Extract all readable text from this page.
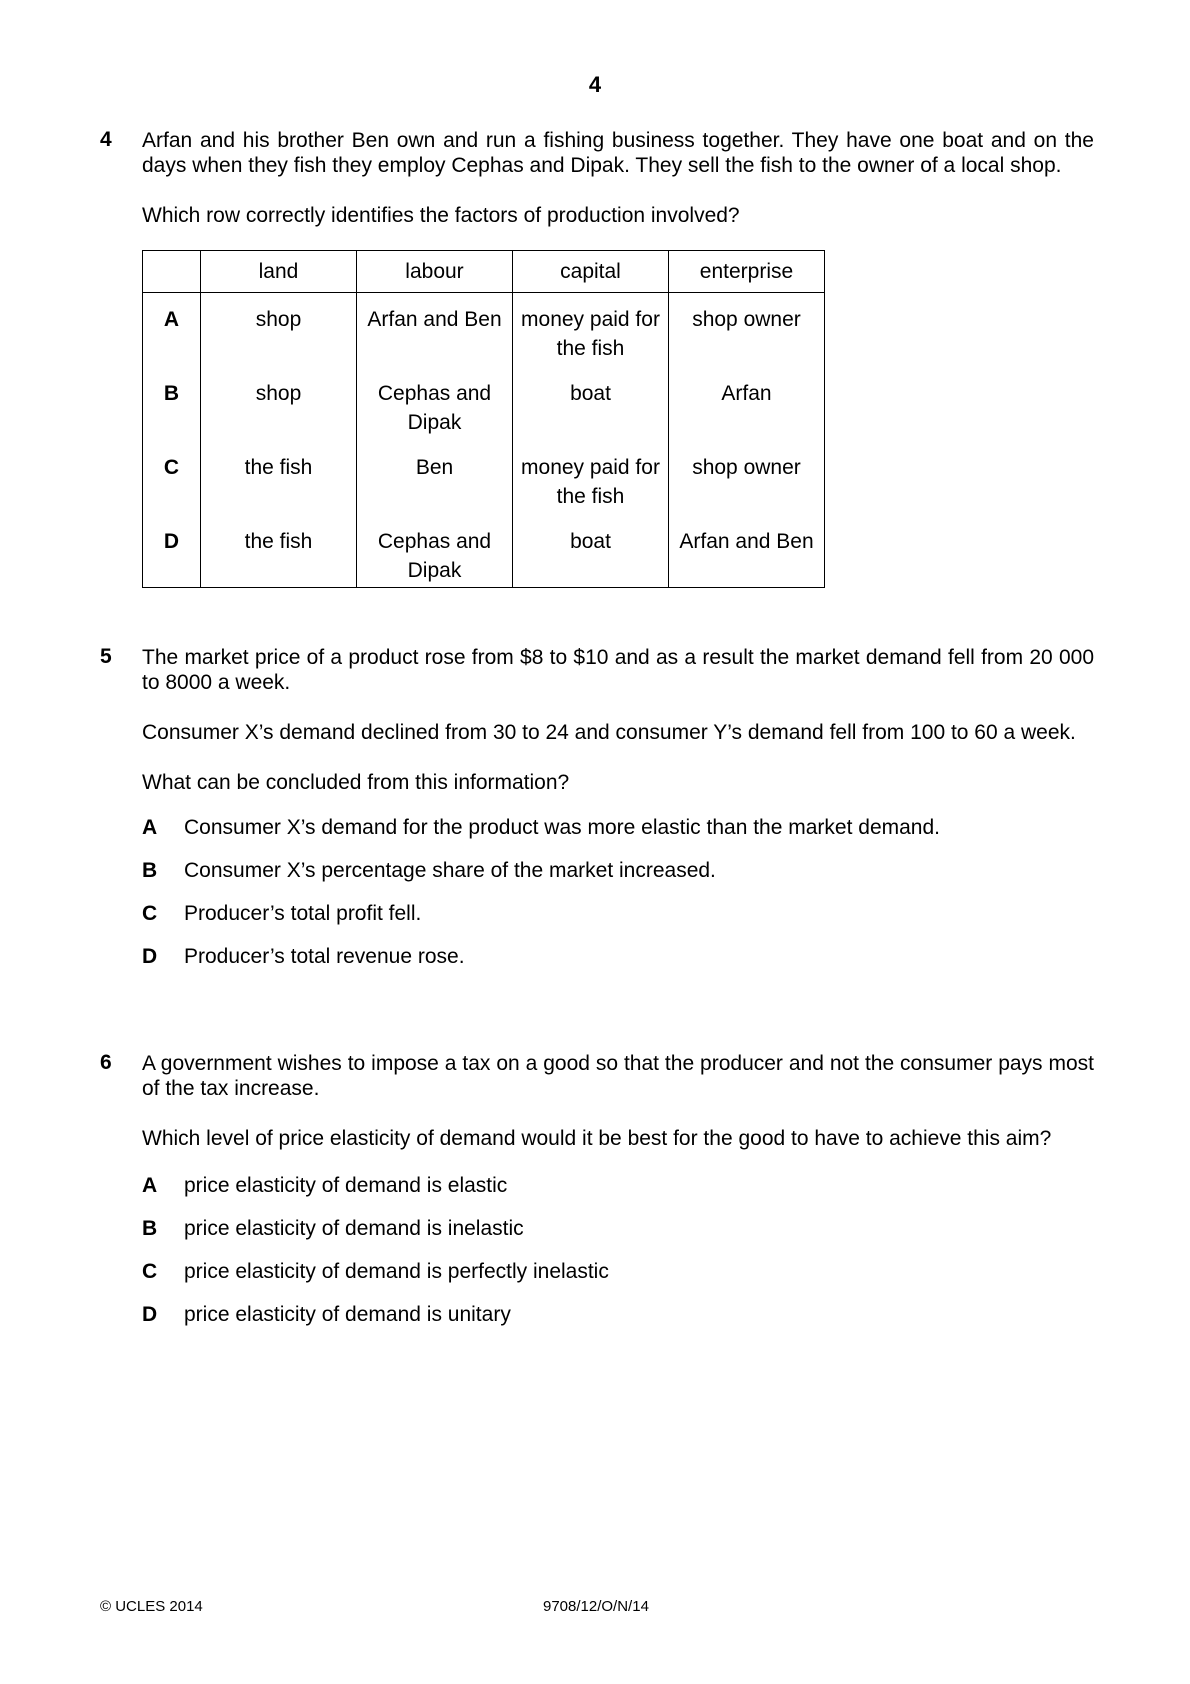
4
4 Arfan and his brother Ben own and run a fishing business together. They have one boat and on the days when they fish they employ Cephas and Dipak. They sell the fish to the owner of a local shop.

Which row correctly identifies the factors of production involved?

	land	labour	capital	enterprise
A	shop	Arfan and Ben	money paid for the fish	shop owner
B	shop	Cephas and Dipak	boat	Arfan
C	the fish	Ben	money paid for the fish	shop owner
D	the fish	Cephas and Dipak	boat	Arfan and Ben
5 The market price of a product rose from $8 to $10 and as a result the market demand fell from 20 000 to 8000 a week.

Consumer X’s demand declined from 30 to 24 and consumer Y’s demand fell from 100 to 60 a week.

What can be concluded from this information?

A	Consumer X’s demand for the product was more elastic than the market demand.
B	Consumer X’s percentage share of the market increased.
C	Producer’s total profit fell.
D	Producer’s total revenue rose.
6 A government wishes to impose a tax on a good so that the producer and not the consumer pays most of the tax increase.

Which level of price elasticity of demand would it be best for the good to have to achieve this aim?

A	price elasticity of demand is elastic
B	price elasticity of demand is inelastic
C	price elasticity of demand is perfectly inelastic
D	price elasticity of demand is unitary
© UCLES 2014	9708/12/O/N/14
